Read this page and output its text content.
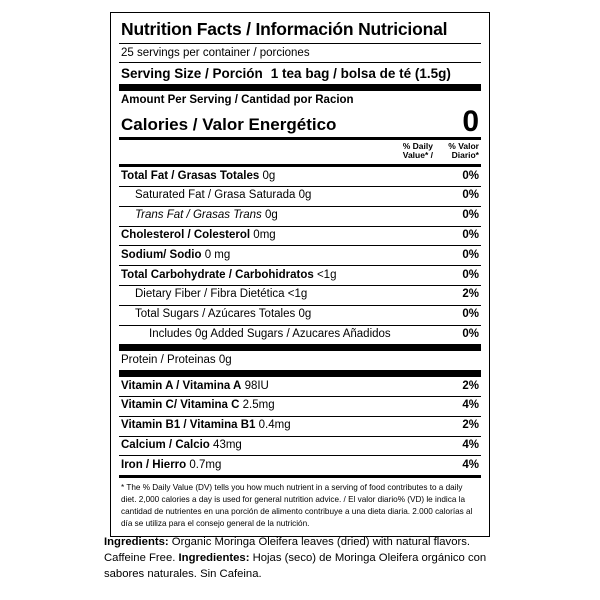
Nutrition Facts / Información Nutricional
25 servings per container / porciones
Serving Size / Porción 1 tea bag / bolsa de té (1.5g)
Amount Per Serving / Cantidad por Racion
Calories / Valor Energético	0
% Daily
Value* /
% Valor
Diario*
Total Fat / Grasas Totales 0g	0%
Saturated Fat / Grasa Saturada 0g	0%
Trans Fat / Grasas Trans 0g	0%
Cholesterol / Colesterol 0mg	0%
Sodium/ Sodio 0 mg	0%
Total Carbohydrate / Carbohidratos <1g	0%
Dietary Fiber / Fibra Dietética <1g	2%
Total Sugars / Azúcares Totales 0g	0%
Includes 0g Added Sugars / Azucares Añadidos	0%
Protein / Proteinas 0g
Vitamin A / Vitamina A 98IU	2%
Vitamin C/ Vitamina C 2.5mg	4%
Vitamin B1 / Vitamina B1 0.4mg	2%
Calcium / Calcio 43mg	4%
Iron / Hierro 0.7mg	4%
* The % Daily Value (DV) tells you how much nutrient in a serving of food contributes to a daily diet. 2,000 calories a day is used for general nutrition advice. / El valor diario% (VD) le indica la cantidad de nutrientes en una porción de alimento contribuye a una dieta diaria. 2.000 calorías al día se utiliza para el consejo general de la nutrición.
Ingredients: Organic Moringa Oleifera leaves (dried) with natural flavors. Caffeine Free. Ingredientes: Hojas (seco) de Moringa Oleifera orgánico con sabores naturales. Sin Cafeina.
